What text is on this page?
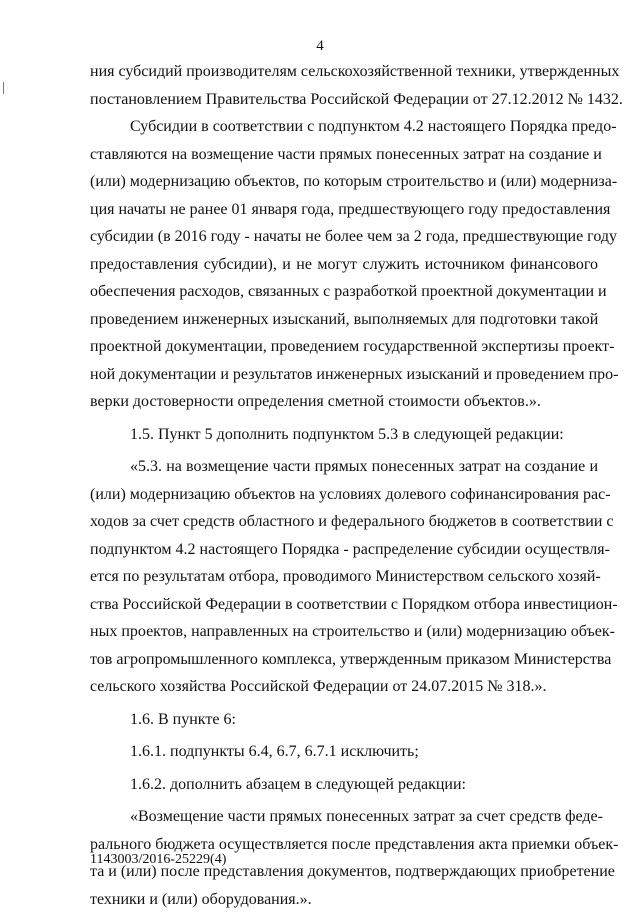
4
ния субсидий производителям сельскохозяйственной техники, утвержденных
постановлением Правительства Российской Федерации от 27.12.2012 № 1432.
Субсидии в соответствии с подпунктом 4.2 настоящего Порядка предо-
ставляются на возмещение части прямых понесенных затрат на создание и
(или) модернизацию объектов, по которым строительство и (или) модерниза-
ция начаты не ранее 01 января года, предшествующего году предоставления
субсидии (в 2016 году - начаты не более чем за 2 года, предшествующие году
предоставления субсидии), и не могут служить источником финансового
обеспечения расходов, связанных с разработкой проектной документации и
проведением инженерных изысканий, выполняемых для подготовки такой
проектной документации, проведением государственной экспертизы проект-
ной документации и результатов инженерных изысканий и проведением про-
верки достоверности определения сметной стоимости объектов.».
1.5. Пункт 5 дополнить подпунктом 5.3 в следующей редакции:
«5.3. на возмещение части прямых понесенных затрат на создание и
(или) модернизацию объектов на условиях долевого софинансирования рас-
ходов за счет средств областного и федерального бюджетов в соответствии с
подпунктом 4.2 настоящего Порядка - распределение субсидии осуществля-
ется по результатам отбора, проводимого Министерством сельского хозяй-
ства Российской Федерации в соответствии с Порядком отбора инвестицион-
ных проектов, направленных на строительство и (или) модернизацию объек-
тов агропромышленного комплекса, утвержденным приказом Министерства
сельского хозяйства Российской Федерации от 24.07.2015 № 318.».
1.6. В пункте 6:
1.6.1. подпункты 6.4, 6.7, 6.7.1 исключить;
1.6.2. дополнить абзацем в следующей редакции:
«Возмещение части прямых понесенных затрат за счет средств феде-
рального бюджета осуществляется после представления акта приемки объек-
та и (или) после представления документов, подтверждающих приобретение
техники и (или) оборудования.».
1143003/2016-25229(4)
